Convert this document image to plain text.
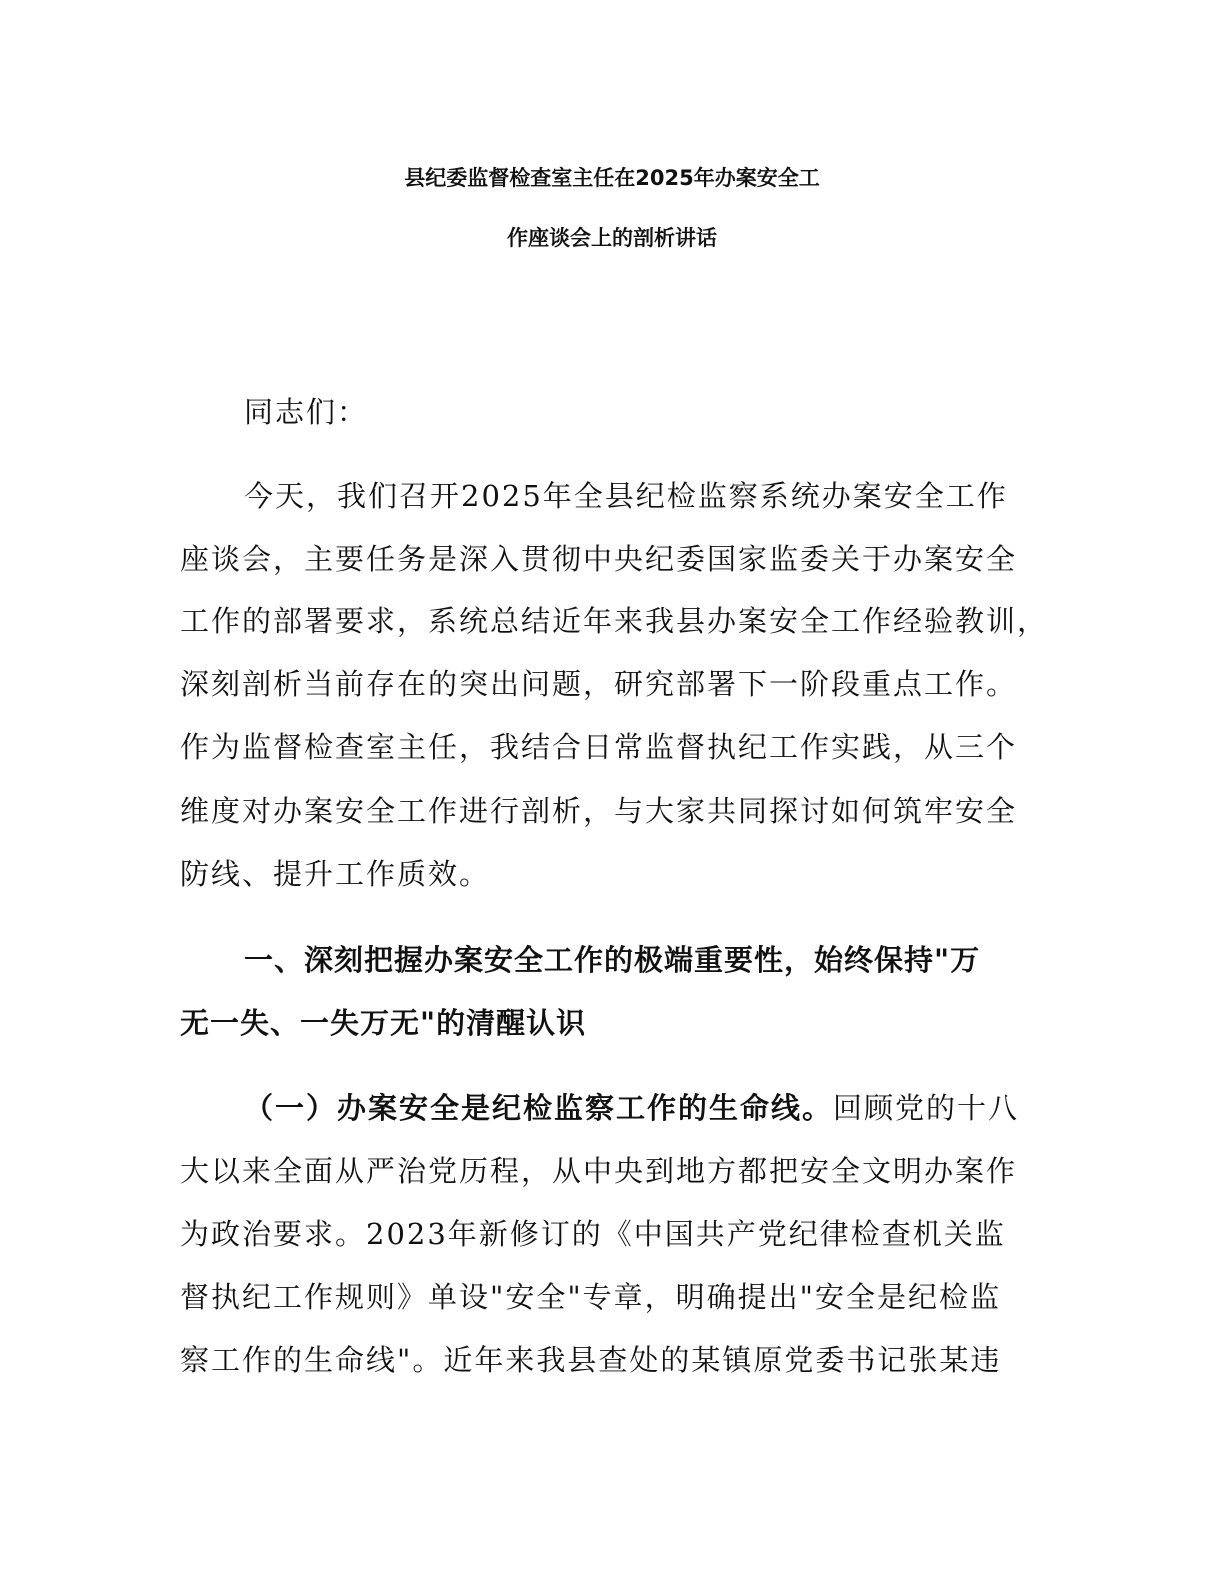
县纪委监督检查室主任在2025年办案安全工
作座谈会上的剖析讲话
同志们：
今天，我们召开2025年全县纪检监察系统办案安全工作
座谈会，主要任务是深入贯彻中央纪委国家监委关于办案安全
工作的部署要求，系统总结近年来我县办案安全工作经验教训，
深刻剖析当前存在的突出问题，研究部署下一阶段重点工作。
作为监督检查室主任，我结合日常监督执纪工作实践，从三个
维度对办案安全工作进行剖析，与大家共同探讨如何筑牢安全
防线、提升工作质效。
一、深刻把握办案安全工作的极端重要性，始终保持"万
无一失、一失万无"的清醒认识
（一）办案安全是纪检监察工作的生命线。回顾党的十八
大以来全面从严治党历程，从中央到地方都把安全文明办案作
为政治要求。2023年新修订的《中国共产党纪律检查机关监
督执纪工作规则》单设"安全"专章，明确提出"安全是纪检监
察工作的生命线"。近年来我县查处的某镇原党委书记张某违
